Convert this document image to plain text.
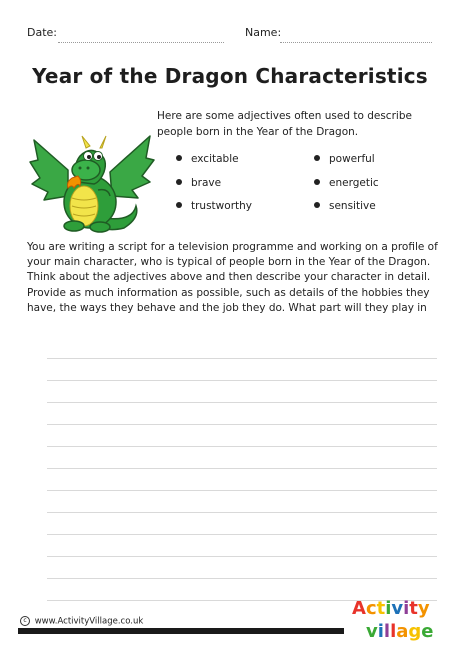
Date:	Name:
Year of the Dragon Characteristics
Here are some adjectives often used to describe people born in the Year of the Dragon.
excitable	powerful
brave	energetic
trustworthy	sensitive
You are writing a script for a television programme and working on a profile of your main character, who is typical of people born in the Year of the Dragon. Think about the adjectives above and then describe your character in detail. Provide as much information as possible, such as details of the hobbies they have, the ways they behave and the job they do. What part will they play in
c www.ActivityVillage.co.uk
Activity
village
